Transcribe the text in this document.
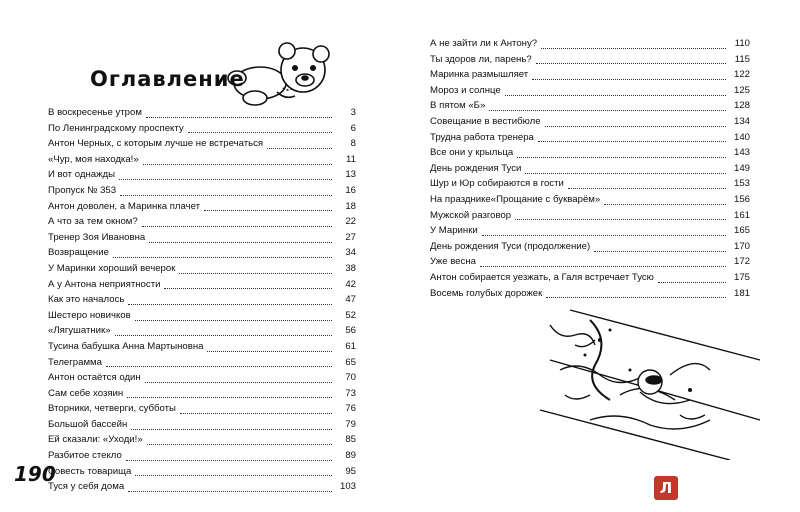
Оглавление
В воскресенье утром	3
По Ленинградскому проспекту	6
Антон Черных, с которым лучше не встречаться	8
«Чур, моя находка!»	11
И вот однажды	13
Пропуск № 353	16
Антон доволен, а Маринка плачет	18
А что за тем окном?	22
Тренер Зоя Ивановна	27
Возвращение	34
У Маринки хороший вечерок	38
А у Антона неприятности	42
Как это началось	47
Шестеро новичков	52
«Лягушатник»	56
Тусина бабушка Анна Мартыновна	61
Телеграмма	65
Антон остаётся один	70
Сам себе хозяин	73
Вторники, четверги, субботы	76
Большой бассейн	79
Ей сказали: «Уходи!»	85
Разбитое стекло	89
Совесть товарища	95
Туся у себя дома	103
190
А не зайти ли к Антону?	110
Ты здоров ли, парень?	115
Маринка размышляет	122
Мороз и солнце	125
В пятом «Б»	128
Совещание в вестибюле	134
Трудна работа тренера	140
Все они у крыльца	143
День рождения Туси	149
Шур и Юр собираются в гости	153
На празднике«Прощание с букварём»	156
Мужской разговор	161
У Маринки	165
День рождения Туси (продолжение)	170
Уже весна	172
Антон собирается уезжать, а Галя встречает Тусю	175
Восемь голубых дорожек	181
Л
